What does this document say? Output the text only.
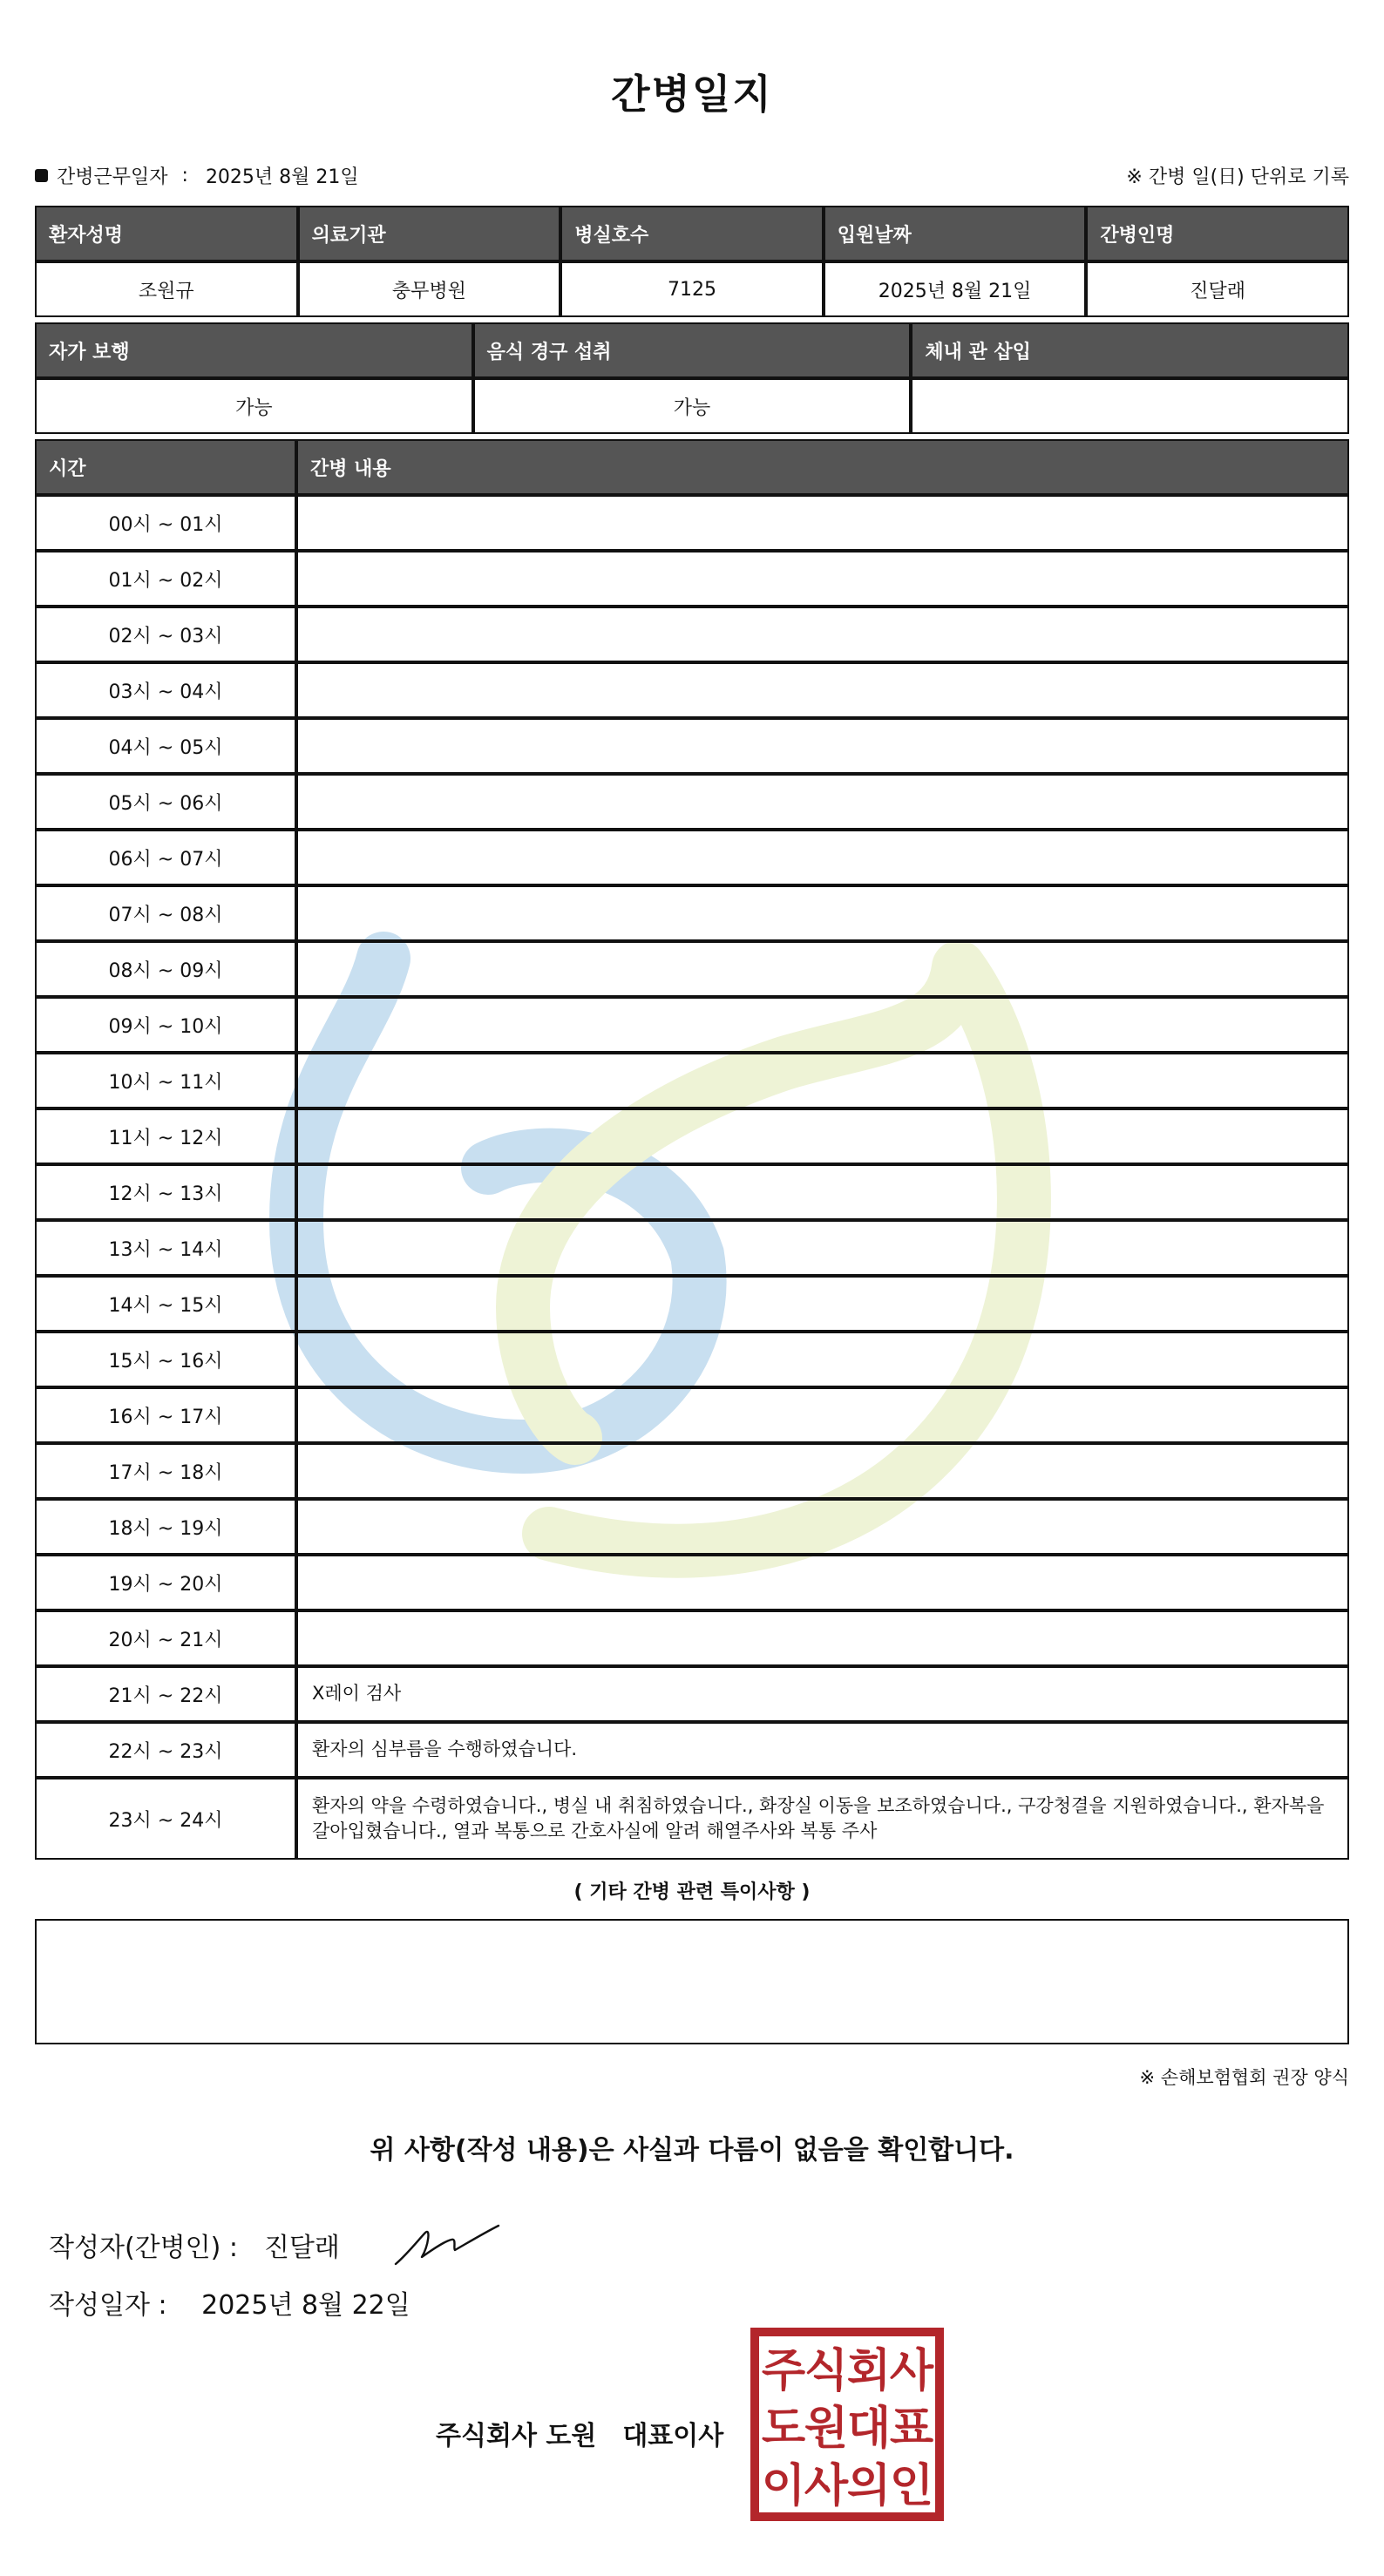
간병일지
간병근무일자 : 2025년 8월 21일	※ 간병 일(日) 단위로 기록
환자성명	의료기관	병실호수	입원날짜	간병인명
조원규	충무병원	7125	2025년 8월 21일	진달래
자가 보행	음식 경구 섭취	체내 관 삽입
가능	가능	
시간	간병 내용
00시 ~ 01시	
01시 ~ 02시	
02시 ~ 03시	
03시 ~ 04시	
04시 ~ 05시	
05시 ~ 06시	
06시 ~ 07시	
07시 ~ 08시	
08시 ~ 09시	
09시 ~ 10시	
10시 ~ 11시	
11시 ~ 12시	
12시 ~ 13시	
13시 ~ 14시	
14시 ~ 15시	
15시 ~ 16시	
16시 ~ 17시	
17시 ~ 18시	
18시 ~ 19시	
19시 ~ 20시	
20시 ~ 21시	
21시 ~ 22시	X레이 검사
22시 ~ 23시	환자의 심부름을 수행하였습니다.
23시 ~ 24시	환자의 약을 수령하였습니다., 병실 내 취침하였습니다., 화장실 이동을 보조하였습니다., 구강청결을 지원하였습니다., 환자복을 갈아입혔습니다., 열과 복통으로 간호사실에 알려 해열주사와 복통 주사
( 기타 간병 관련 특이사항 )
※ 손해보험협회 권장 양식
위 사항(작성 내용)은 사실과 다름이 없음을 확인합니다.
작성자(간병인) : 진달래
작성일자 : 2025년 8월 22일
주식회사 도원 대표이사
주
식
회
사
도
원
대
표
이
사
의
인
